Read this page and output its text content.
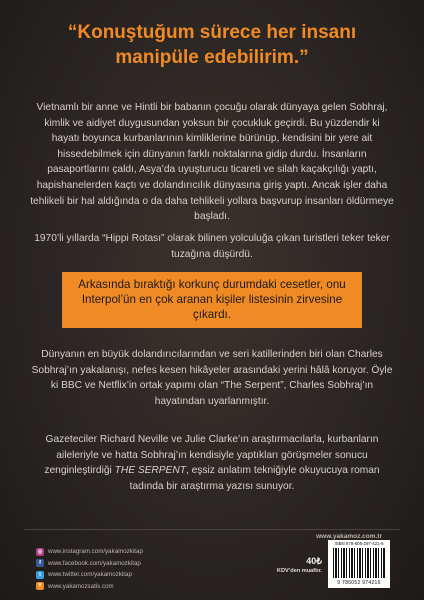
“Konuştuğum sürece her insanı
manipüle edebilirim.”
Vietnamlı bir anne ve Hintli bir babanın çocuğu olarak dünyaya gelen Sobhraj, kimlik ve aidiyet duygusundan yoksun bir çocukluk geçirdi. Bu yüzdendir ki hayatı boyunca kurbanlarının kimliklerine bürünüp, kendisini bir yere ait hissedebilmek için dünyanın farklı noktalarına gidip durdu. İnsanların pasaportlarını çaldı, Asya’da uyuşturucu ticareti ve silah kaçakçılığı yaptı, hapishanelerden kaçtı ve dolandırıcılık dünyasına giriş yaptı. Ancak işler daha tehlikeli bir hal aldığında o da daha tehlikeli yollara başvurup insanları öldürmeye başladı.
1970’li yıllarda “Hippi Rotası” olarak bilinen yolculuğa çıkan turistleri teker teker tuzağına düşürdü.
Arkasında bıraktığı korkunç durumdaki cesetler, onu Interpol’ün en çok aranan kişiler listesinin zirvesine çıkardı.
Dünyanın en büyük dolandırıcılarından ve seri katillerinden biri olan Charles Sobhraj’ın yakalanışı, nefes kesen hikâyeler arasındaki yerini hâlâ koruyor. Öyle ki BBC ve Netflix’in ortak yapımı olan “The Serpent”, Charles Sobhraj’ın hayatından uyarlanmıştır.
Gazeteciler Richard Neville ve Julie Clarke’ın araştırmacılarla, kurbanların aileleriyle ve hatta Sobhraj’ın kendisiyle yaptıkları görüşmeler sonucu zenginleştirdiği THE SERPENT, eşsiz anlatım tekniğiyle okuyucuya roman tadında bir araştırma yazısı sunuyor.
www.yakamoz.com.tr
◎ www.instagram.com/yakamozkitap
f	www.facebook.com/yakamozkitap
t	www.twitter.com/yakamozkitap
Y www.yakamozsatis.com
40₺
KDV’den muaftır.
ISBN 978-605-297-421-6
9 786052 974216
